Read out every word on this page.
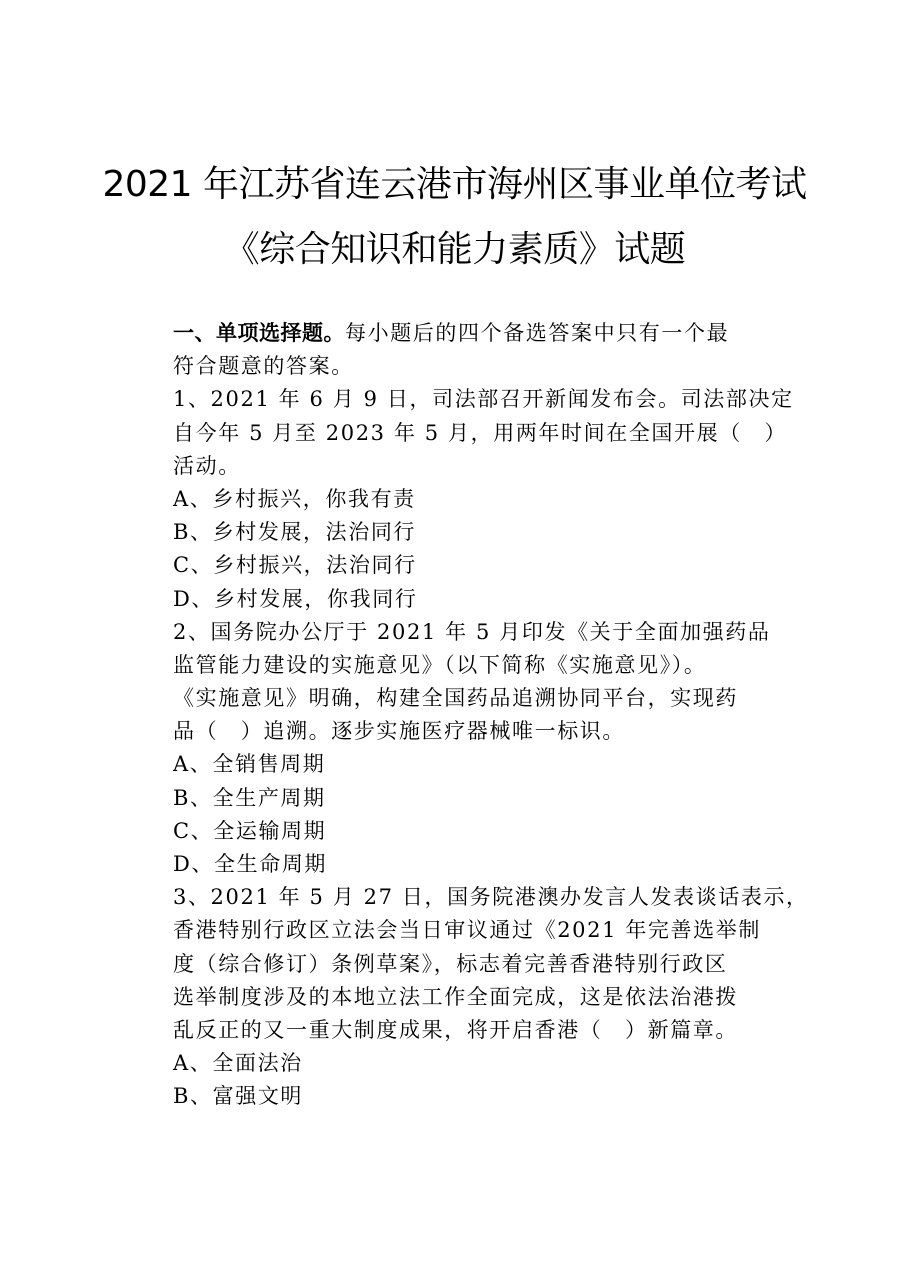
2021 年江苏省连云港市海州区事业单位考试
《综合知识和能力素质》试题
一、单项选择题。每小题后的四个备选答案中只有一个最
符合题意的答案。
1、2021 年 6 月 9 日，司法部召开新闻发布会。司法部决定
自今年 5 月至 2023 年 5 月，用两年时间在全国开展（　）
活动。
A、乡村振兴，你我有责
B、乡村发展，法治同行
C、乡村振兴，法治同行
D、乡村发展，你我同行
2、国务院办公厅于 2021 年 5 月印发《关于全面加强药品
监管能力建设的实施意见》（以下简称《实施意见》）。
《实施意见》明确，构建全国药品追溯协同平台，实现药
品（　）追溯。逐步实施医疗器械唯一标识。
A、全销售周期
B、全生产周期
C、全运输周期
D、全生命周期
3、2021 年 5 月 27 日，国务院港澳办发言人发表谈话表示，
香港特别行政区立法会当日审议通过《2021 年完善选举制
度（综合修订）条例草案》，标志着完善香港特别行政区
选举制度涉及的本地立法工作全面完成，这是依法治港拨
乱反正的又一重大制度成果，将开启香港（　）新篇章。
A、全面法治
B、富强文明
